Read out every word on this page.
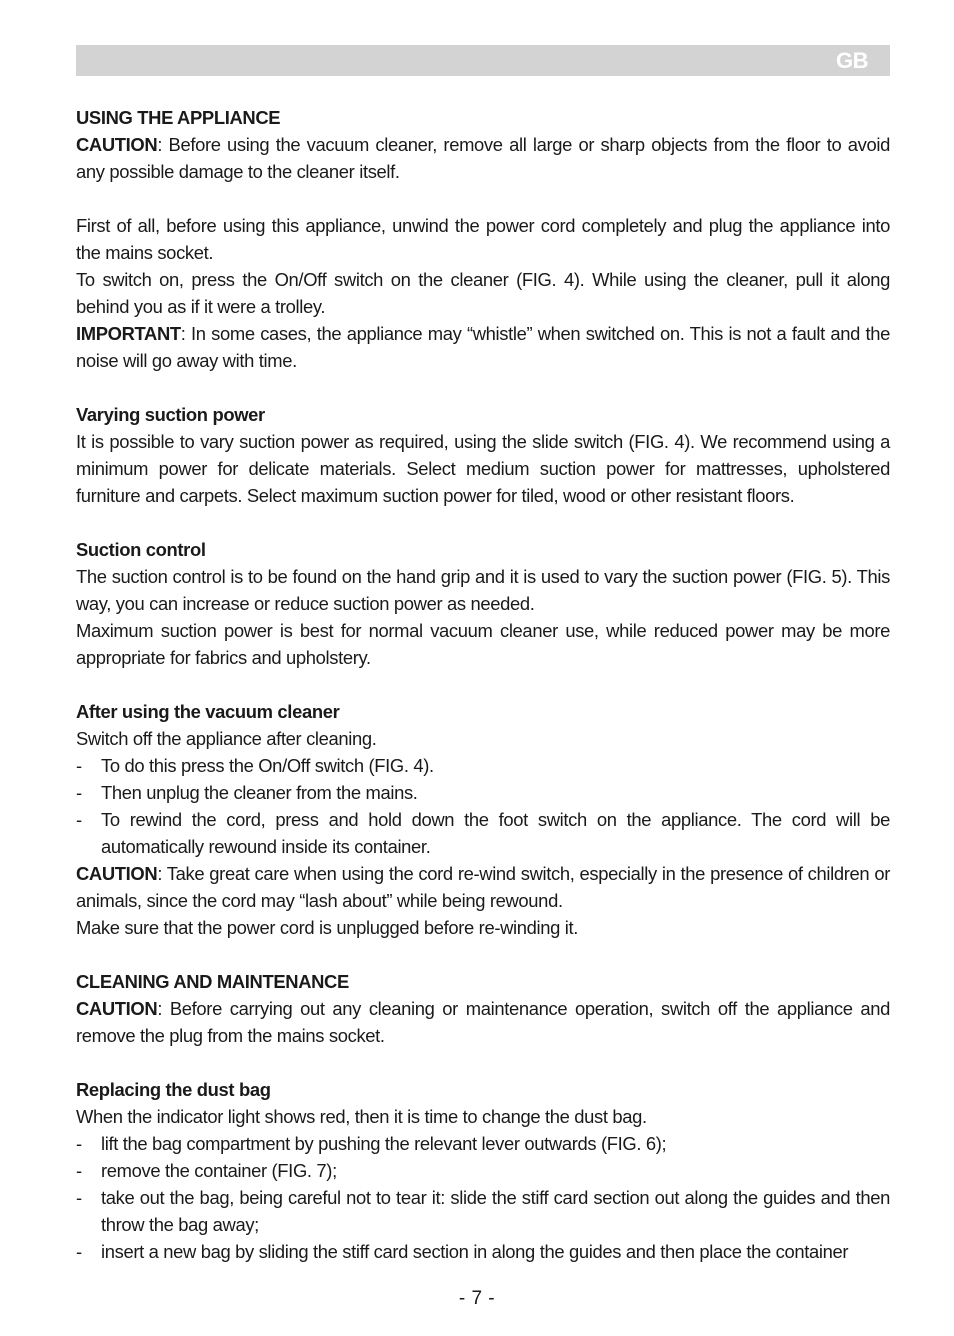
GB

USING THE APPLIANCE

CAUTION: Before using the vacuum cleaner, remove all large or sharp objects from the floor to avoid any possible damage to the cleaner itself.

First of all, before using this appliance, unwind the power cord completely and plug the appliance into the mains socket.

To switch on, press the On/Off switch on the cleaner (FIG. 4). While using the cleaner, pull it along behind you as if it were a trolley.

IMPORTANT: In some cases, the appliance may “whistle” when switched on. This is not a fault and the noise will go away with time.

Varying suction power

It is possible to vary suction power as required, using the slide switch (FIG. 4). We recommend using a minimum power for delicate materials. Select medium suction power for mattresses, upholstered furniture and carpets. Select maximum suction power for tiled, wood or other resistant floors.

Suction control

The suction control is to be found on the hand grip and it is used to vary the suction power (FIG. 5). This way, you can increase or reduce suction power as needed.

Maximum suction power is best for normal vacuum cleaner use, while reduced power may be more appropriate for fabrics and upholstery.

After using the vacuum cleaner

Switch off the appliance after cleaning.

- To do this press the On/Off switch (FIG. 4).

- Then unplug the cleaner from the mains.

- To rewind the cord, press and hold down the foot switch on the appliance. The cord will be automatically rewound inside its container.

CAUTION: Take great care when using the cord re-wind switch, especially in the presence of children or animals, since the cord may “lash about” while being rewound.

Make sure that the power cord is unplugged before re-winding it.

CLEANING AND MAINTENANCE

CAUTION: Before carrying out any cleaning or maintenance operation, switch off the appliance and remove the plug from the mains socket.

Replacing the dust bag

When the indicator light shows red, then it is time to change the dust bag.

- lift the bag compartment by pushing the relevant lever outwards (FIG. 6);

- remove the container (FIG. 7);

- take out the bag, being careful not to tear it: slide the stiff card section out along the guides and then throw the bag away;

- insert a new bag by sliding the stiff card section in along the guides and then place the container

- 7 -
